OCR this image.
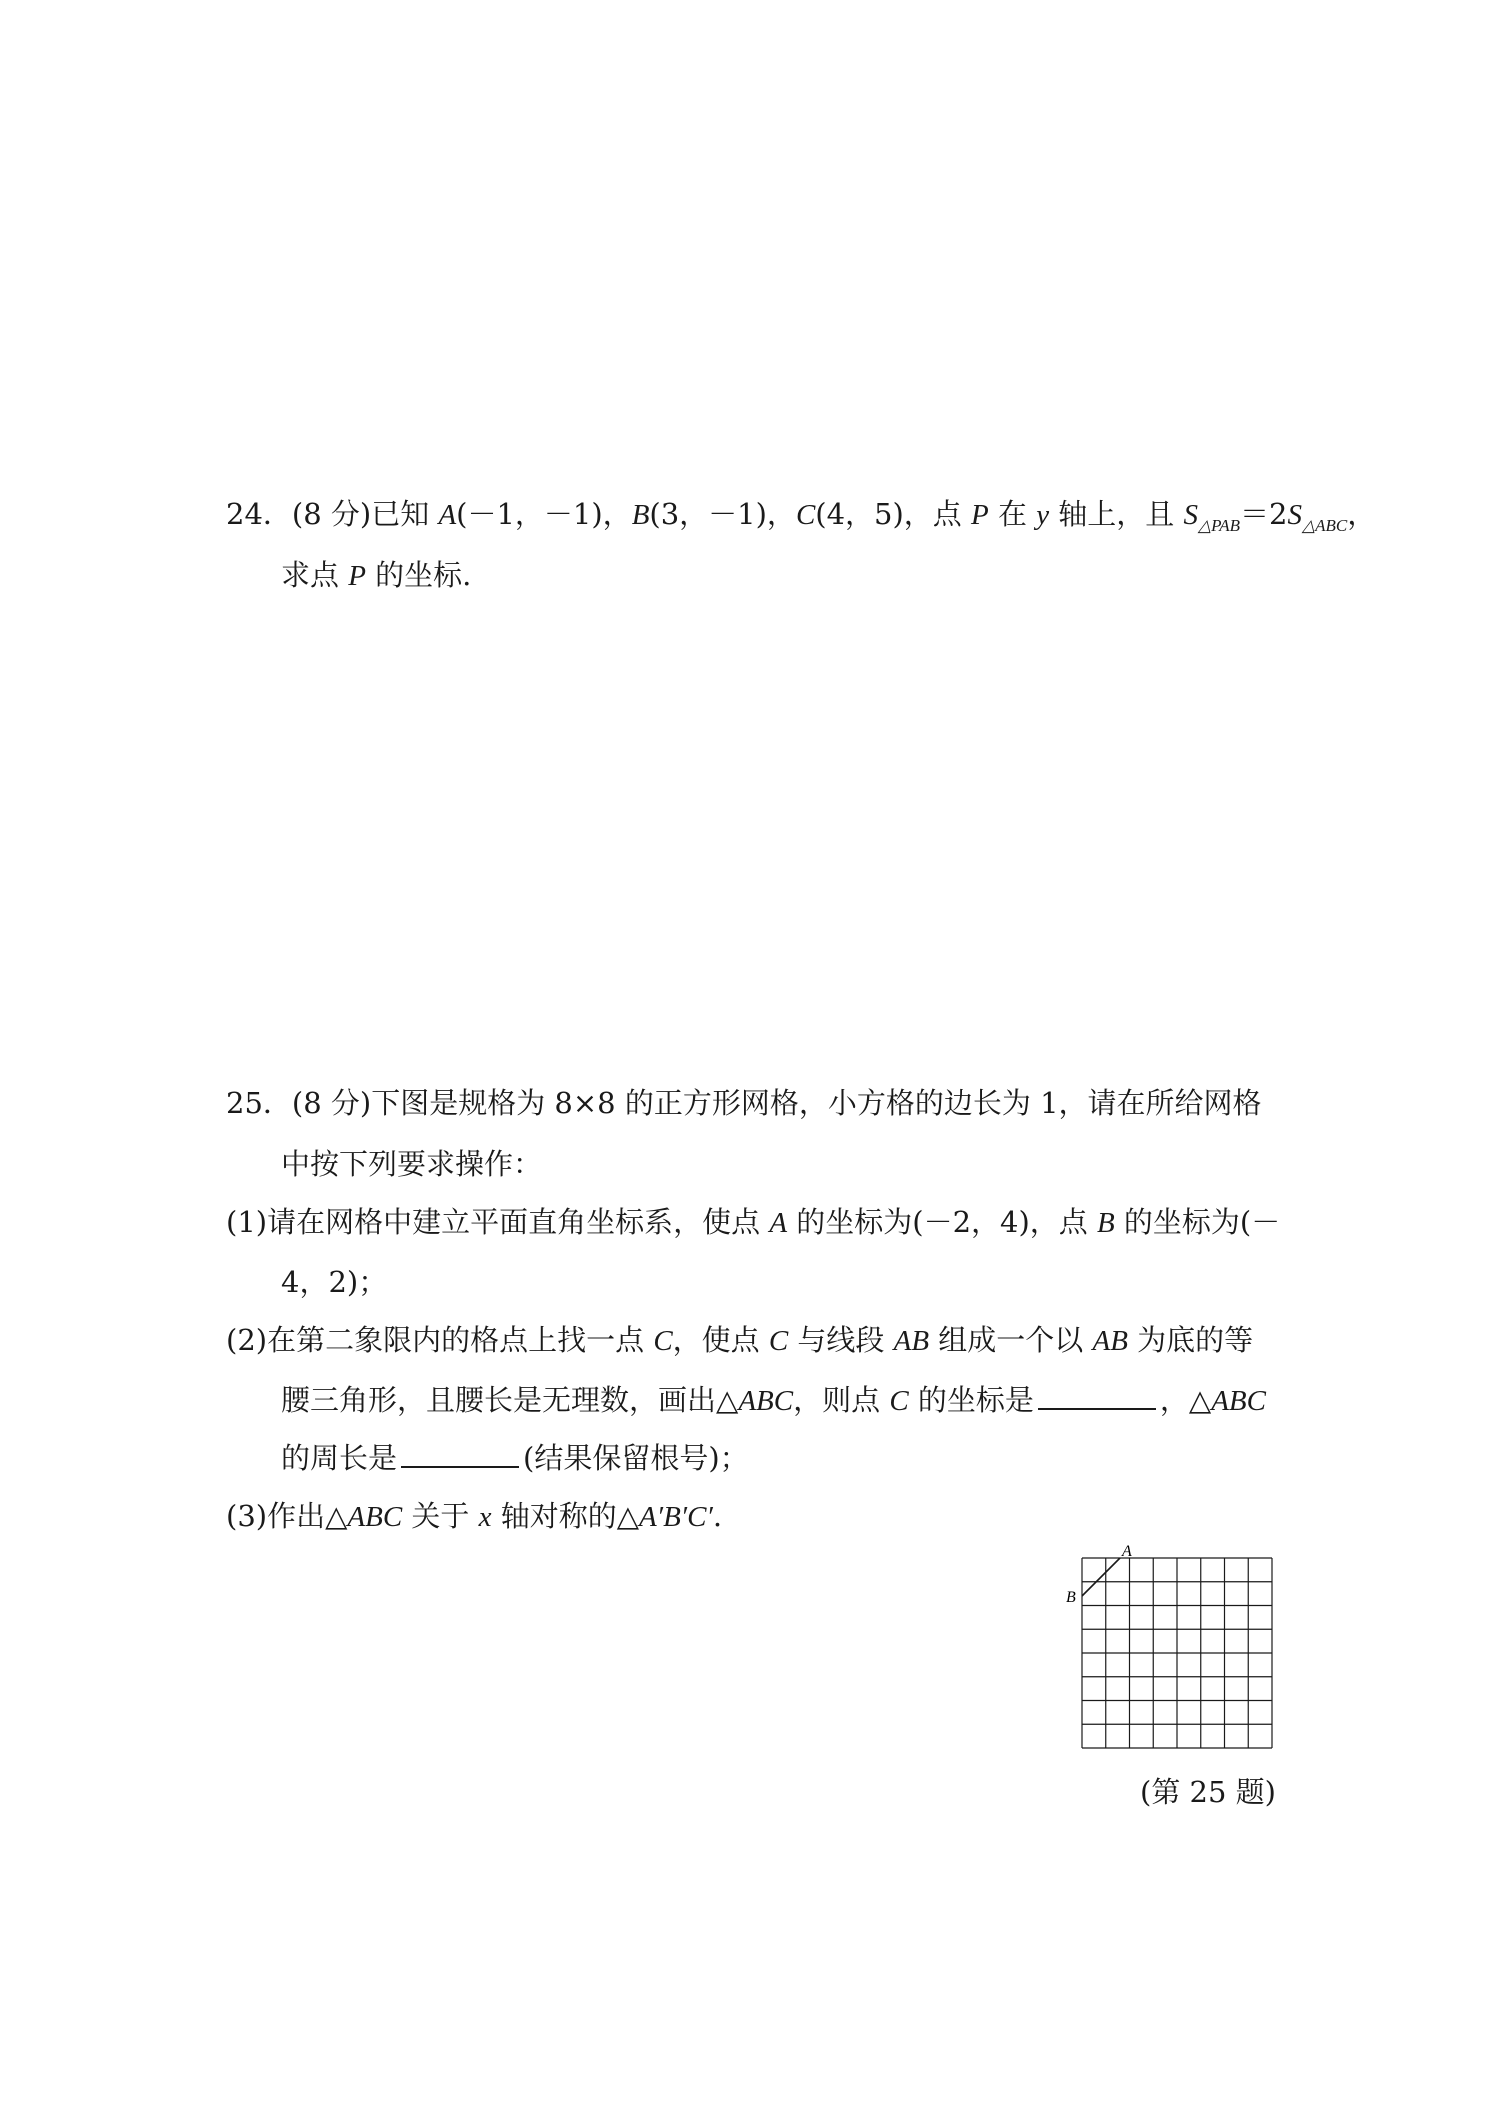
24．(8 分)已知 A(－1，－1)，B(3，－1)，C(4，5)，点 P 在 y 轴上，且 $S_{\triangle PAB}=2S_{\triangle ABC}$，
求点 P 的坐标.
25．(8 分)下图是规格为 8×8 的正方形网格，小方格的边长为 1，请在所给网格
中按下列要求操作：
(1)请在网格中建立平面直角坐标系，使点 A 的坐标为(－2，4)，点 B 的坐标为(－
4，2)；
(2)在第二象限内的格点上找一点 C，使点 C 与线段 AB 组成一个以 AB 为底的等
腰三角形，且腰长是无理数，画出△ABC，则点 C 的坐标是	，△ABC
的周长是	(结果保留根号)；
(3)作出△ABC 关于 x 轴对称的△A′B′C′.
A
B
(第 25 题)
